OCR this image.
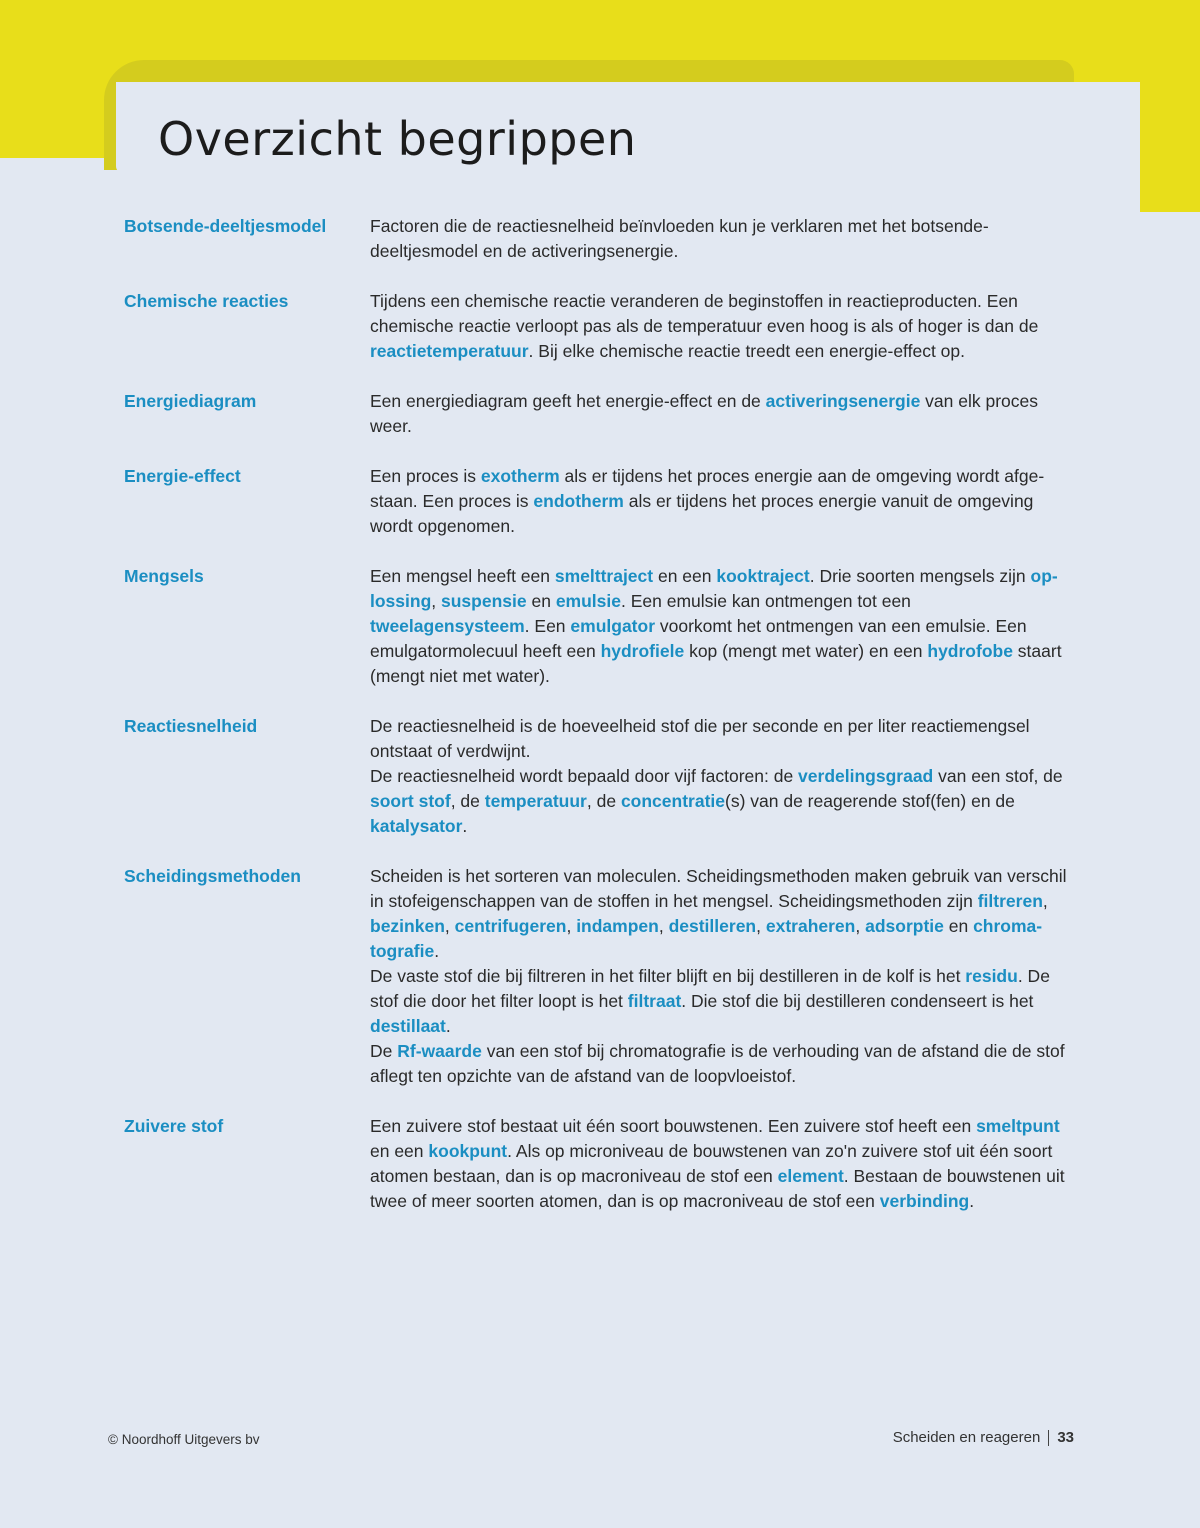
Overzicht begrippen
Botsende-deeltjesmodel	Factoren die de reactiesnelheid beïnvloeden kun je verklaren met het botsende-deeltjesmodel en de activeringsenergie.

Chemische reacties	Tijdens een chemische reactie veranderen de beginstoffen in reactieproducten. Een chemische reactie verloopt pas als de temperatuur even hoog is als of hoger is dan de reactietemperatuur. Bij elke chemische reactie treedt een energie-effect op.

Energiediagram	Een energiediagram geeft het energie-effect en de activeringsenergie van elk proces weer.

Energie-effect	Een proces is exotherm als er tijdens het proces energie aan de omgeving wordt afgestaan. Een proces is endotherm als er tijdens het proces energie vanuit de omgeving wordt opgenomen.

Mengsels	Een mengsel heeft een smelttraject en een kooktraject. Drie soorten mengsels zijn oplossing, suspensie en emulsie. Een emulsie kan ontmengen tot een tweelagensysteem. Een emulgator voorkomt het ontmengen van een emulsie. Een emulgatormolecuul heeft een hydrofiele kop (mengt met water) en een hydrofobe staart (mengt niet met water).

Reactiesnelheid	De reactiesnelheid is de hoeveelheid stof die per seconde en per liter reactiemengsel ontstaat of verdwijnt.

De reactiesnelheid wordt bepaald door vijf factoren: de verdelingsgraad van een stof, de soort stof, de temperatuur, de concentratie(s) van de reagerende stof(fen) en de katalysator.

Scheidingsmethoden	Scheiden is het sorteren van moleculen. Scheidingsmethoden maken gebruik van verschil in stofeigenschappen van de stoffen in het mengsel. Scheidingsmethoden zijn filtreren, bezinken, centrifugeren, indampen, destilleren, extraheren, adsorptie en chromatografie.

De vaste stof die bij filtreren in het filter blijft en bij destilleren in de kolf is het residu. De stof die door het filter loopt is het filtraat. Die stof die bij destilleren condenseert is het destillaat.

De Rf-waarde van een stof bij chromatografie is de verhouding van de afstand die de stof aflegt ten opzichte van de afstand van de loopvloeistof.

Zuivere stof	Een zuivere stof bestaat uit één soort bouwstenen. Een zuivere stof heeft een smeltpunt en een kookpunt. Als op microniveau de bouwstenen van zo'n zuivere stof uit één soort atomen bestaan, dan is op macroniveau de stof een element. Bestaan de bouwstenen uit twee of meer soorten atomen, dan is op macroniveau de stof een verbinding.

© Noordhoff Uitgevers bv	Scheiden en reageren 33
